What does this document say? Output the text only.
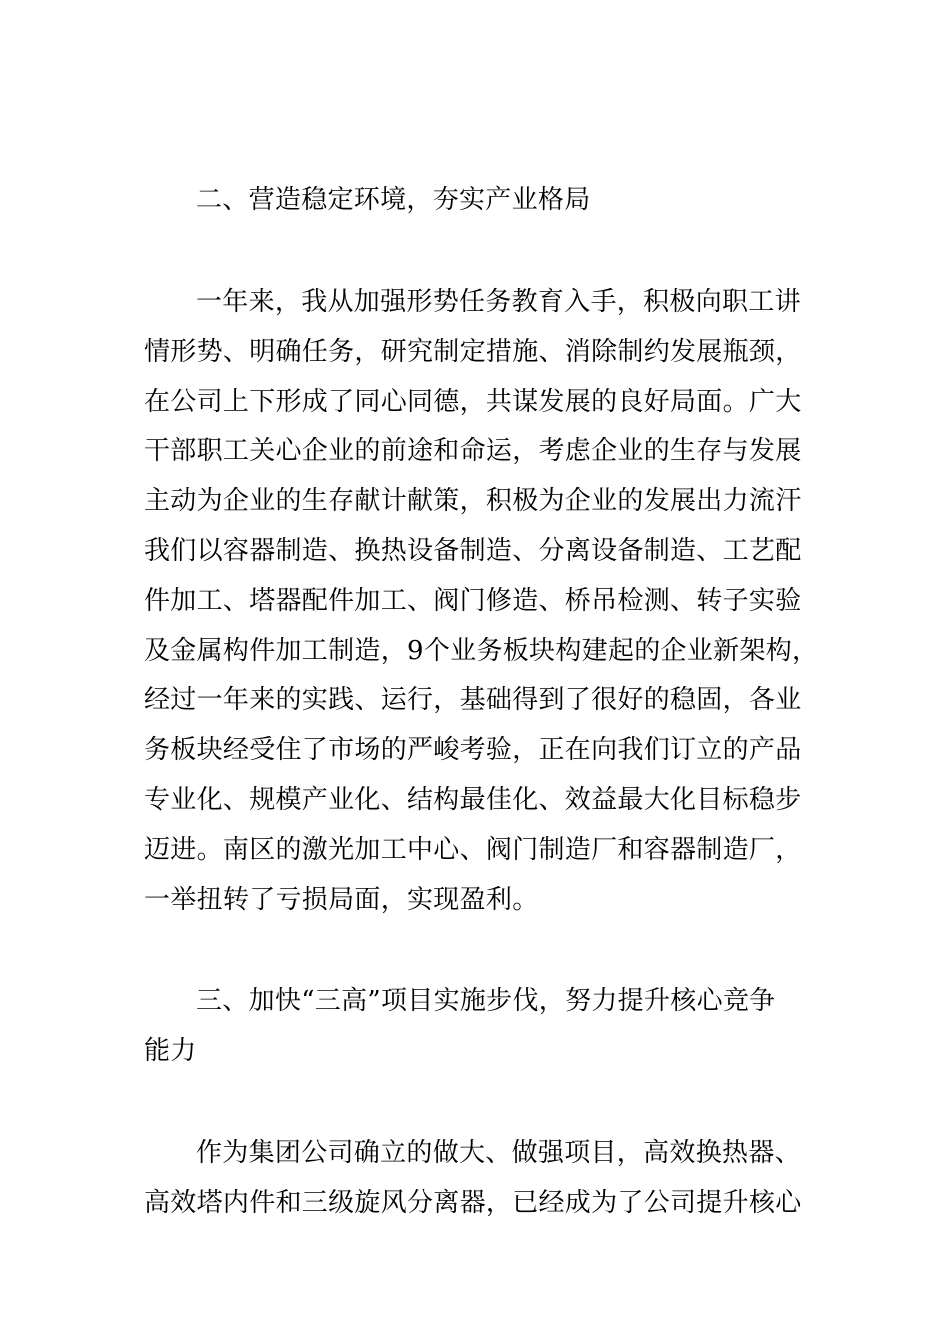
二、营造稳定环境，夯实产业格局
一年来，我从加强形势任务教育入手，积极向职工讲
情形势、明确任务，研究制定措施、消除制约发展瓶颈，
在公司上下形成了同心同德，共谋发展的良好局面。广大
干部职工关心企业的前途和命运，考虑企业的生存与发展
主动为企业的生存献计献策，积极为企业的发展出力流汗
我们以容器制造、换热设备制造、分离设备制造、工艺配
件加工、塔器配件加工、阀门修造、桥吊检测、转子实验
及金属构件加工制造，9个业务板块构建起的企业新架构，
经过一年来的实践、运行，基础得到了很好的稳固，各业
务板块经受住了市场的严峻考验，正在向我们订立的产品
专业化、规模产业化、结构最佳化、效益最大化目标稳步
迈进。南区的激光加工中心、阀门制造厂和容器制造厂，
一举扭转了亏损局面，实现盈利。
三、加快“三高”项目实施步伐，努力提升核心竞争
能力
作为集团公司确立的做大、做强项目，高效换热器、
高效塔内件和三级旋风分离器，已经成为了公司提升核心
